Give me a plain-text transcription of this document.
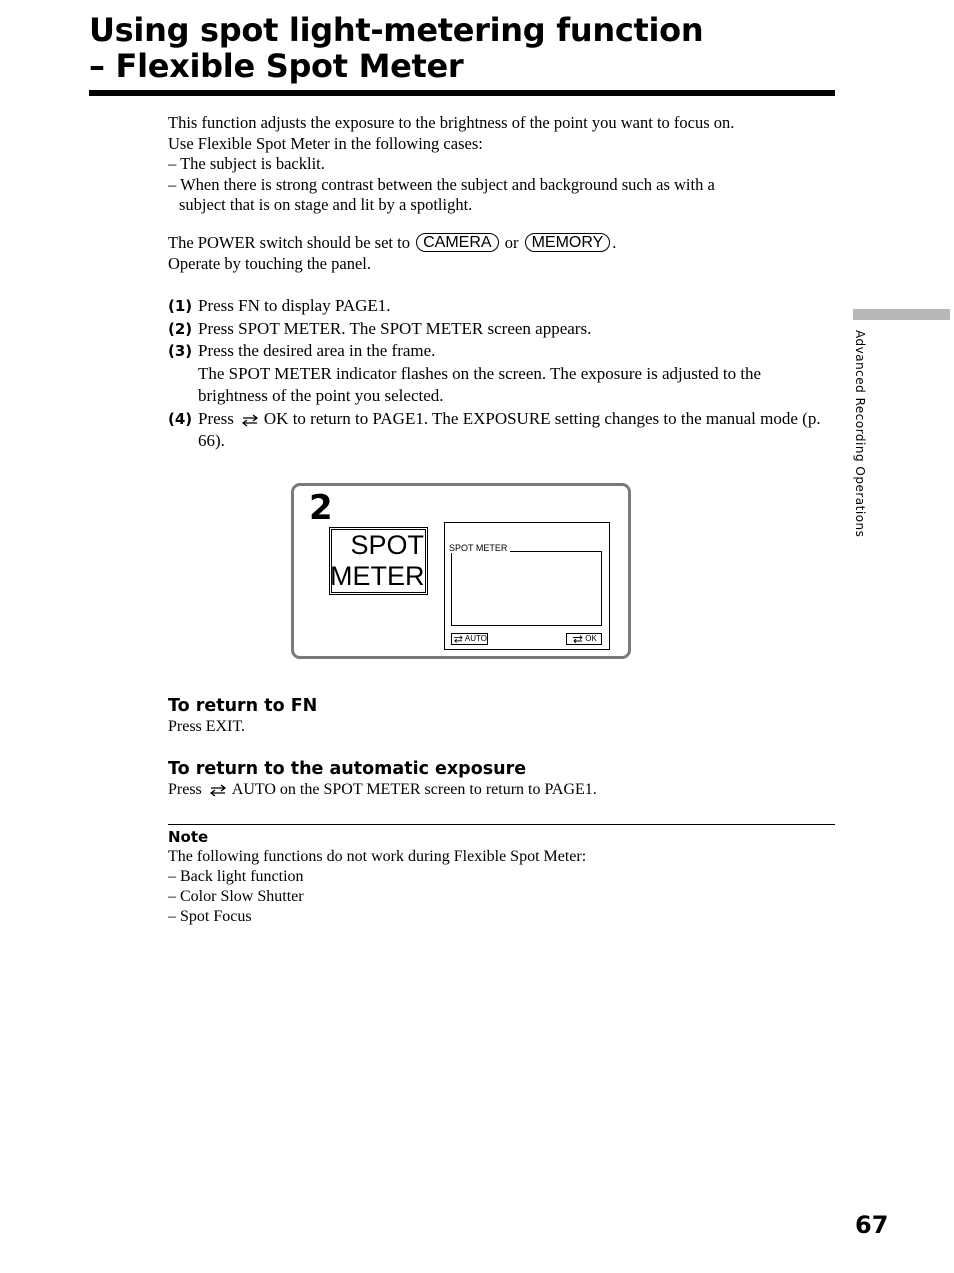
Using spot light-metering function
– Flexible Spot Meter
This function adjusts the exposure to the brightness of the point you want to focus on.
Use Flexible Spot Meter in the following cases:
– The subject is backlit.
– When there is strong contrast between the subject and background such as with a
subject that is on stage and lit by a spotlight.
The POWER switch should be set to CAMERA or MEMORY .
Operate by touching the panel.
(1) Press FN to display PAGE1.
(2) Press SPOT METER. The SPOT METER screen appears.
(3) Press the desired area in the frame.
The SPOT METER indicator flashes on the screen. The exposure is adjusted to the brightness of the point you selected.
(4) Press OK to return to PAGE1. The EXPOSURE setting changes to the manual mode (p. 66).
2
SPOT
METER
SPOT METER
AUTO	OK
To return to FN
Press EXIT.
To return to the automatic exposure
Press AUTO on the SPOT METER screen to return to PAGE1.
Note
The following functions do not work during Flexible Spot Meter:
– Back light function
– Color Slow Shutter
– Spot Focus
Advanced Recording Operations
67
